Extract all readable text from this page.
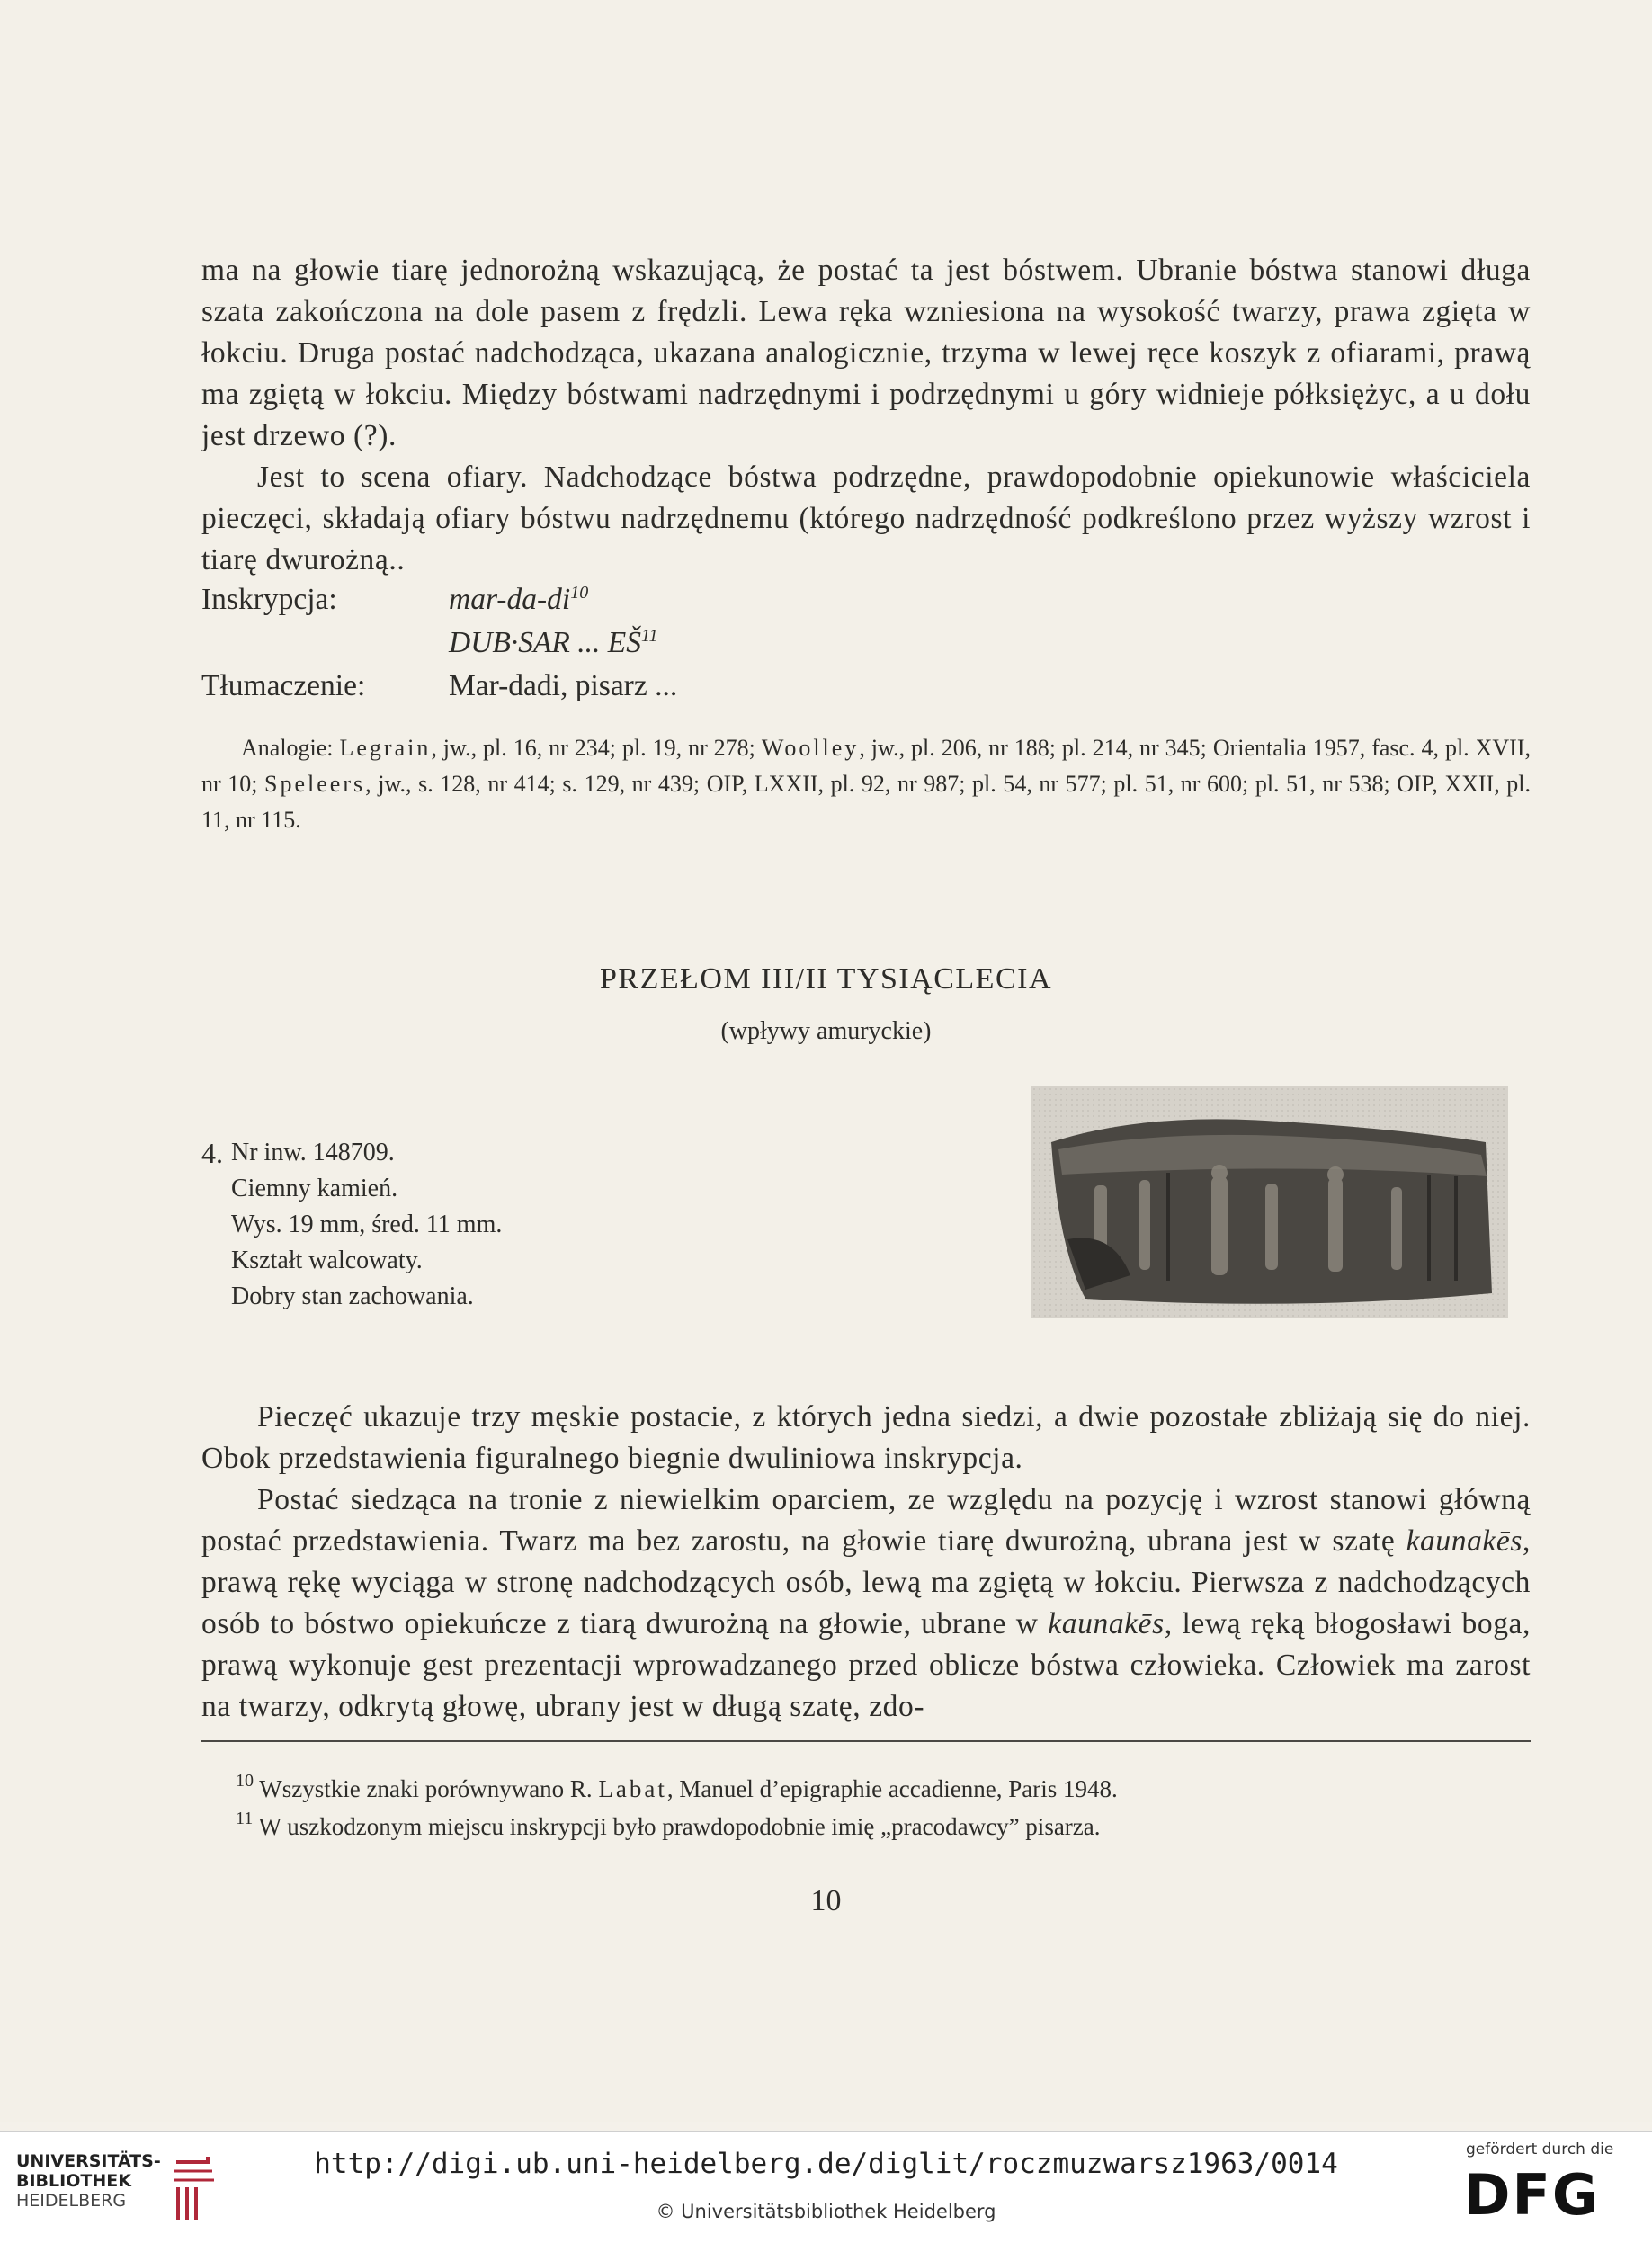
ma na głowie tiarę jednorożną wskazującą, że postać ta jest bóstwem. Ubranie bóstwa stanowi długa szata zakończona na dole pasem z frędzli. Lewa ręka wzniesiona na wysokość twarzy, prawa zgięta w łokciu. Druga postać nadchodząca, ukazana analogicznie, trzyma w lewej ręce koszyk z ofiarami, prawą ma zgiętą w łokciu. Między bóstwami nadrzędnymi i podrzędnymi u góry widnieje półksiężyc, a u dołu jest drzewo (?).

Jest to scena ofiary. Nadchodzące bóstwa podrzędne, prawdopodobnie opiekunowie właściciela pieczęci, składają ofiary bóstwu nadrzędnemu (którego nadrzędność podkreślono przez wyższy wzrost i tiarę dwurożną..

Inskrypcja:	mar-$da-di^{10}$
DUB·SAR ... EŠ$^{11}$
Tłumaczenie:	Mar-dadi, pisarz ...

Analogie: Legrain, jw., pl. 16, nr 234; pl. 19, nr 278; Woolley, jw., pl. 206, nr 188; pl. 214, nr 345; Orientalia 1957, fasc. 4, pl. XVII, nr 10; Speleers, jw., s. 128, nr 414; s. 129, nr 439; OIP, LXXII, pl. 92, nr 987; pl. 54, nr 577; pl. 51, nr 600; pl. 51, nr 538; OIP, XXII, pl. 11, nr 115.

PRZEŁOM III/II TYSIĄCLECIA
(wpływy amuryckie)
4. Nr inw. 148709.
Ciemny kamień.
Wys. 19 mm, śred. 11 mm.
Kształt walcowaty.
Dobry stan zachowania.

Pieczęć ukazuje trzy męskie postacie, z których jedna siedzi, a dwie pozostałe zbliżają się do niej. Obok przedstawienia figuralnego biegnie dwuliniowa inskrypcja.

Postać siedząca na tronie z niewielkim oparciem, ze względu na pozycję i wzrost stanowi główną postać przedstawienia. Twarz ma bez zarostu, na głowie tiarę dwurożną, ubrana jest w szatę kaunakēs, prawą rękę wyciąga w stronę nadchodzących osób, lewą ma zgiętą w łokciu. Pierwsza z nadchodzących osób to bóstwo opiekuńcze z tiarą dwurożną na głowie, ubrane w kaunakēs, lewą ręką błogosławi boga, prawą wykonuje gest prezentacji wprowadzanego przed oblicze bóstwa człowieka. Człowiek ma zarost na twarzy, odkrytą głowę, ubrany jest w długą szatę, zdo-

$^{10}$ Wszystkie znaki porównywano R. Labat, Manuel d’epigraphie accadienne, Paris 1948.

$^{11}$ W uszkodzonym miejscu inskrypcji było prawdopodobnie imię „pracodawcy” pisarza.

10
UNIVERSITÄTS-
BIBLIOTHEK
HEIDELBERG
http://digi.ub.uni-heidelberg.de/diglit/roczmuzwarsz1963/0014
© Universitätsbibliothek Heidelberg
gefördert durch die
DFG
